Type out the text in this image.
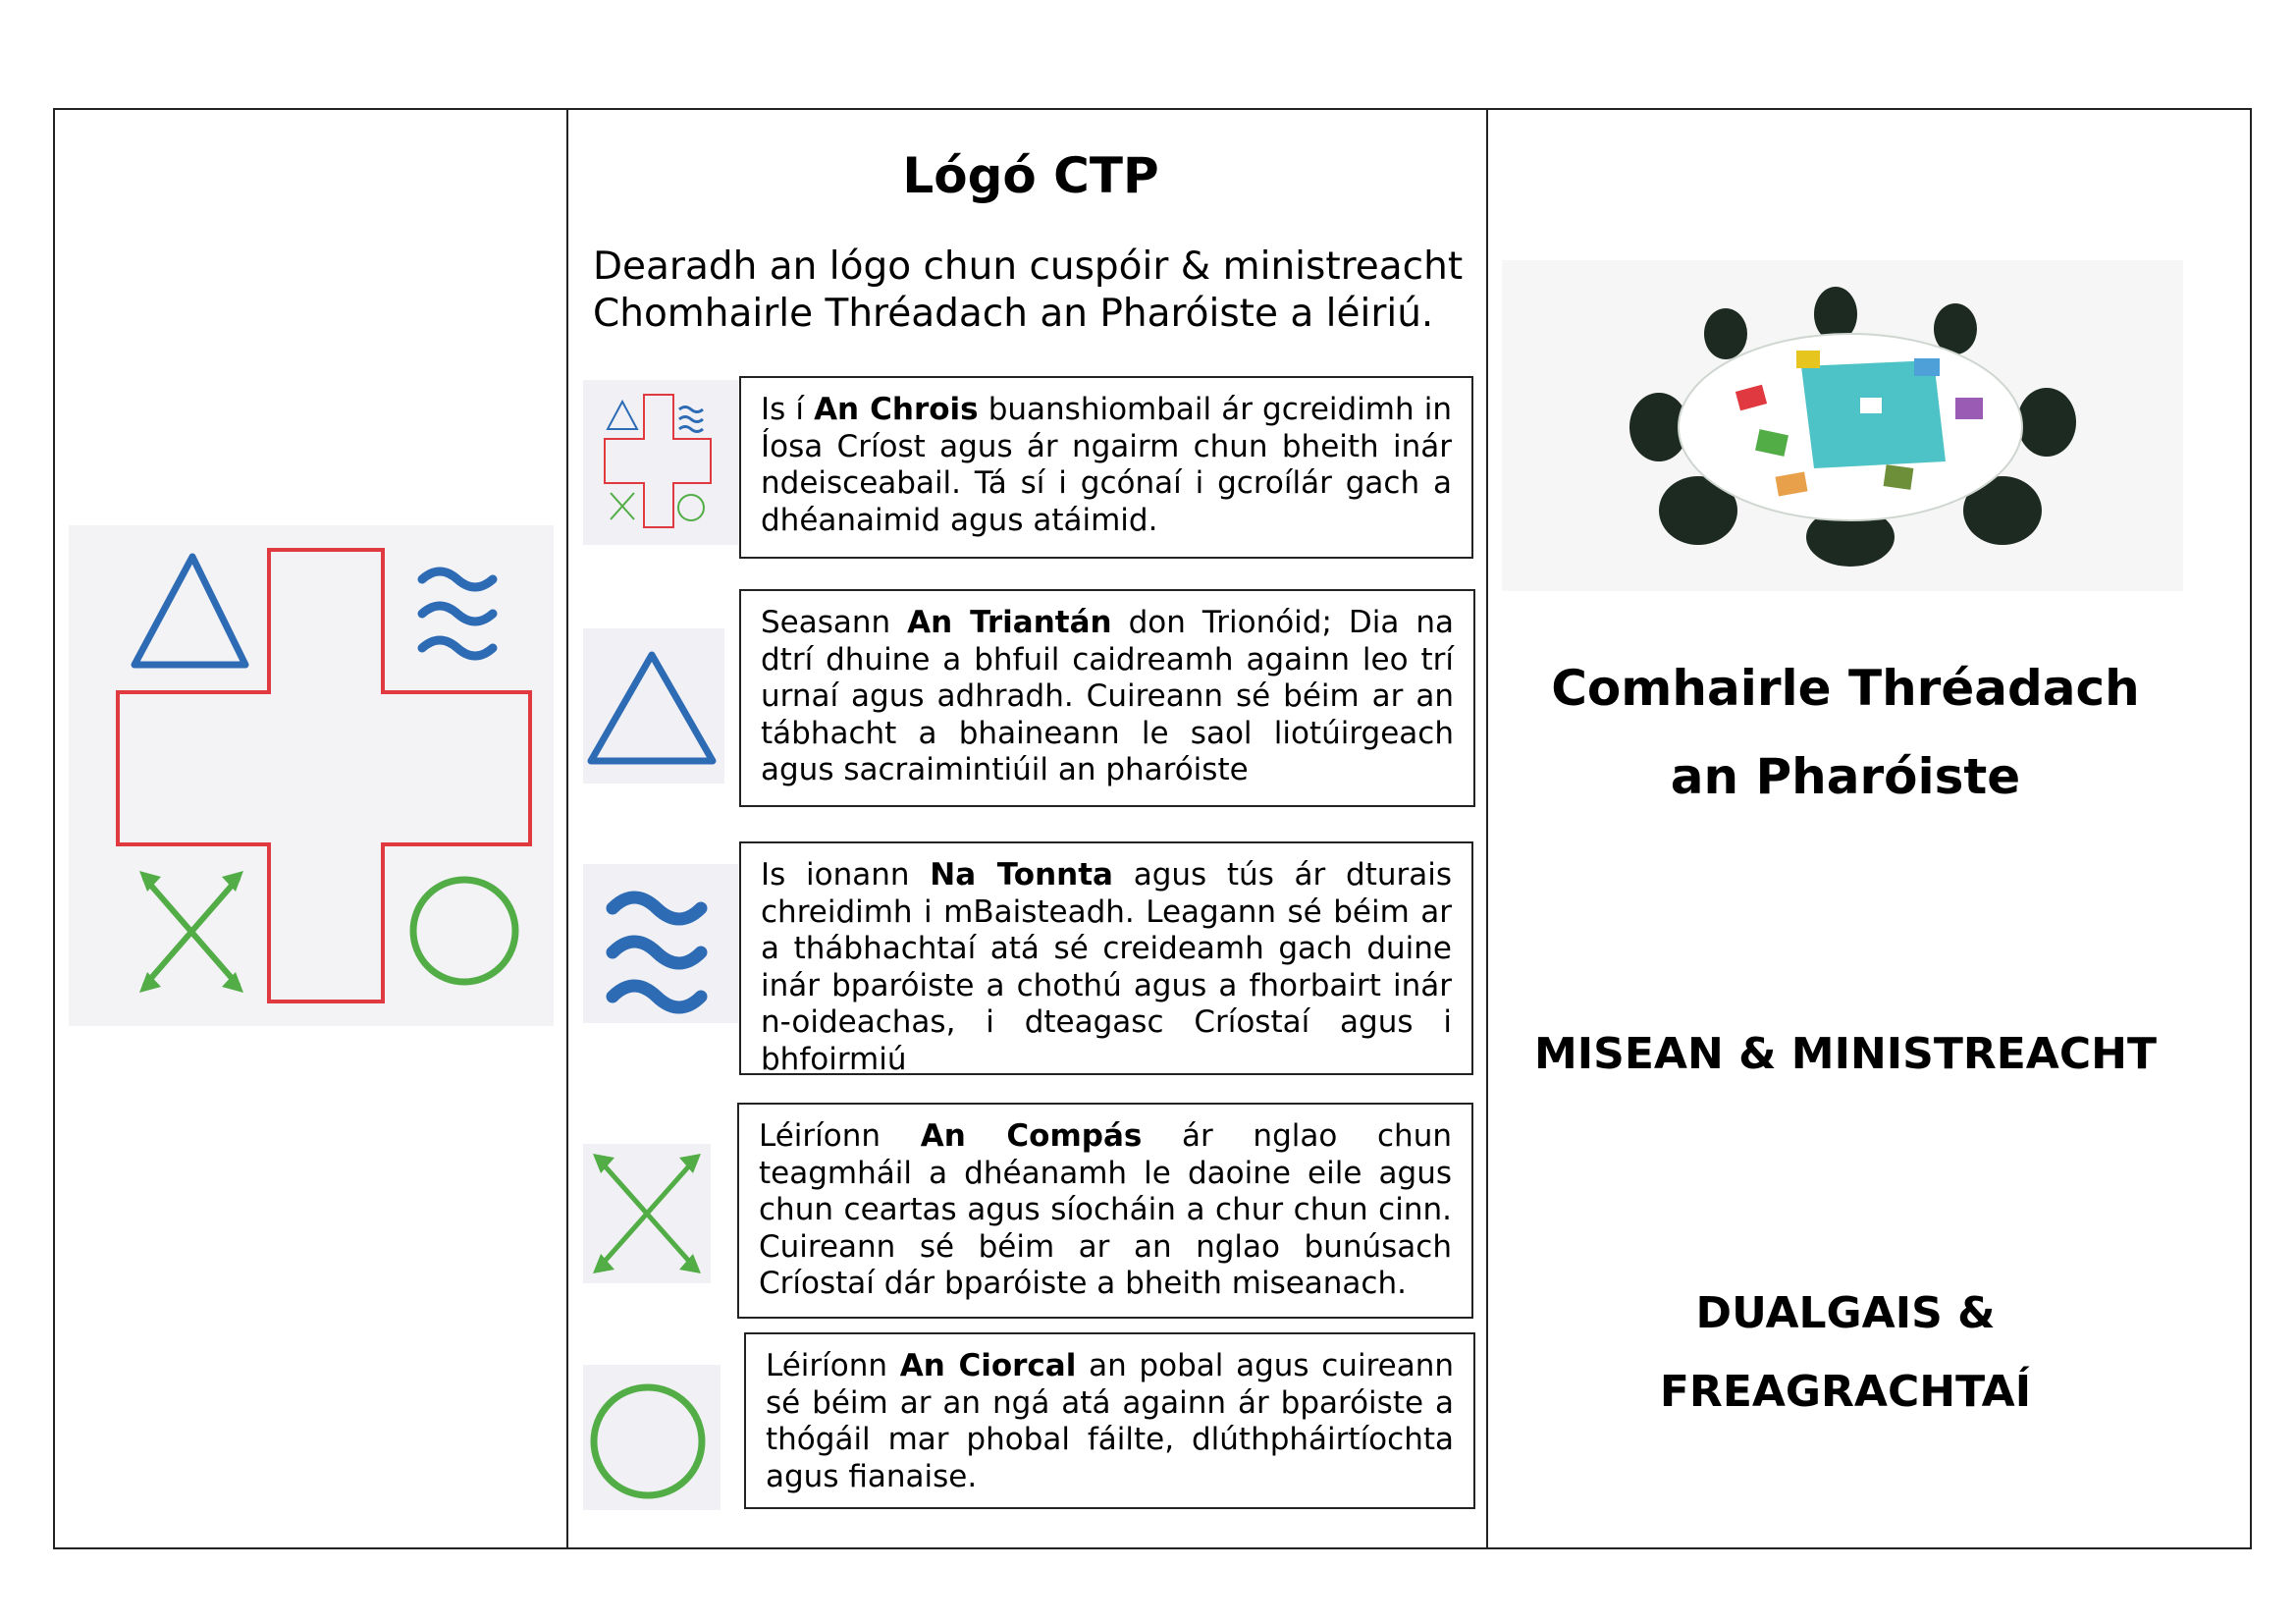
Lógó CTP
Dearadh an lógo chun cuspóir & ministreacht Chomhairle Thréadach an Pharóiste a léiriú.
Is í An Chrois buanshiombail ár gcreidimh in Íosa Críost agus ár ngairm chun bheith inár ndeisceabail. Tá sí i gcónaí i gcroílár gach a dhéanaimid agus atáimid.
Seasann An Triantán don Trionóid; Dia na dtrí dhuine a bhfuil caidreamh againn leo trí urnaí agus adhradh. Cuireann sé béim ar an tábhacht a bhaineann le saol liotúirgeach agus sacraimintiúil an pharóiste
Is ionann Na Tonnta agus tús ár dturais chreidimh i mBaisteadh. Leagann sé béim ar a thábhachtaí atá sé creideamh gach duine inár bparóiste a chothú agus a fhorbairt inár n-oideachas, i dteagasc Críostaí agus i bhfoirmiú
Léiríonn An Compás ár nglao chun teagmháil a dhéanamh le daoine eile agus chun ceartas agus síocháin a chur chun cinn. Cuireann sé béim ar an nglao bunúsach Críostaí dár bparóiste a bheith miseanach.
Léiríonn An Ciorcal an pobal agus cuireann sé béim ar an ngá atá againn ár bparóiste a thógáil mar phobal fáilte, dlúthpháirtíochta agus fianaise.
Comhairle Thréadach
an Pharóiste
MISEAN & MINISTREACHT
DUALGAIS &
FREAGRACHTAÍ
